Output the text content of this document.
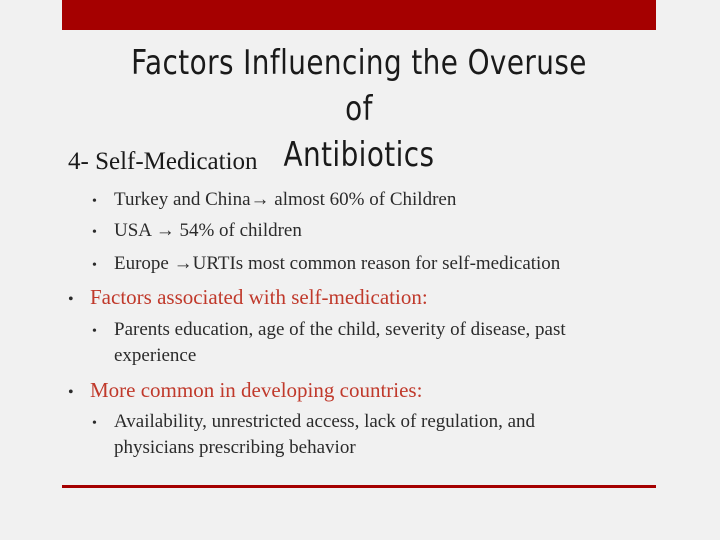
Factors Influencing the Overuse of
Antibiotics
4- Self-Medication
• Turkey and China→ almost 60% of Children
• USA → 54% of children
• Europe →URTIs most common reason for self-medication
• Factors associated with self-medication:
• Parents education, age of the child, severity of disease, past
experience
• More common in developing countries:
• Availability, unrestricted access, lack of regulation, and
physicians prescribing behavior
